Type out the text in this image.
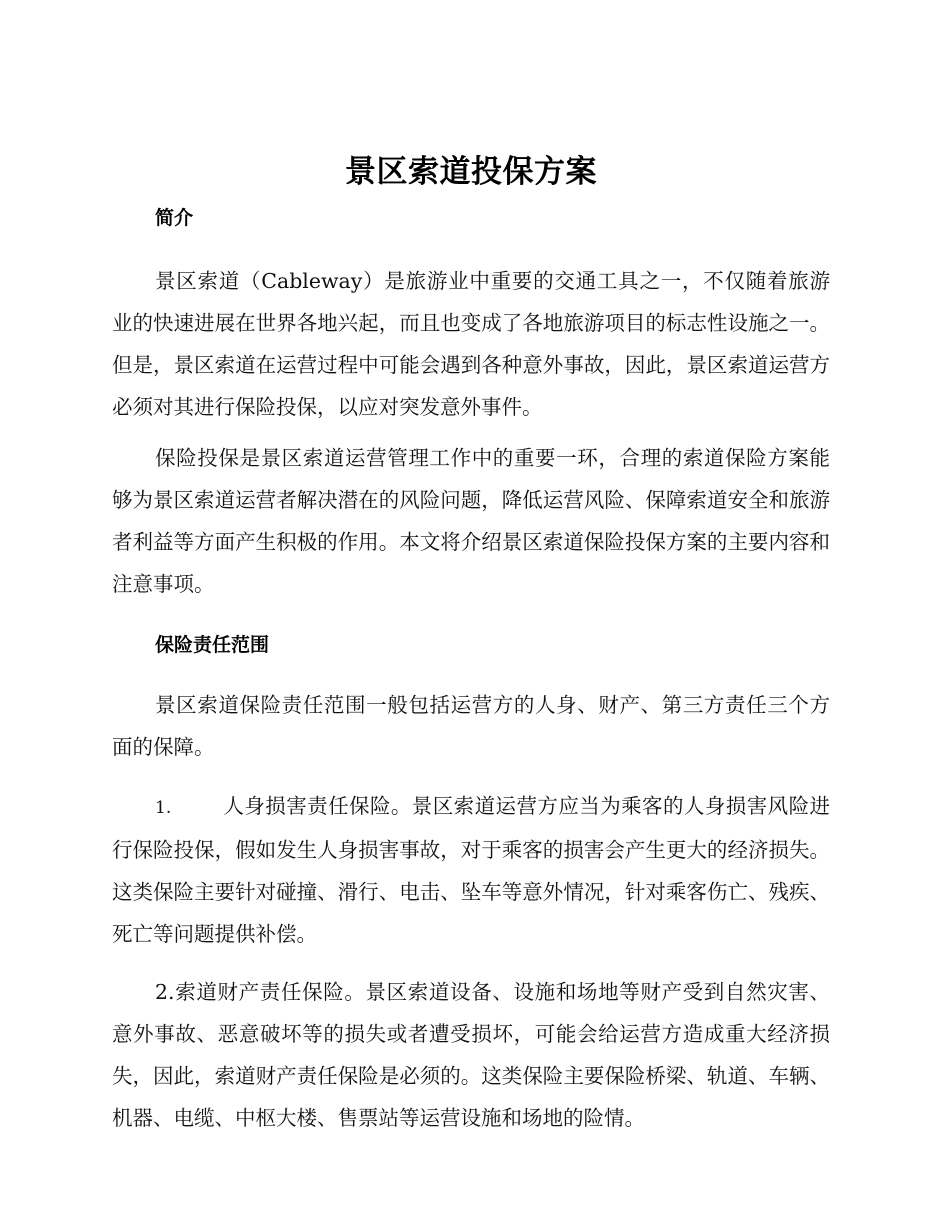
景区索道投保方案
简介

景区索道（Cableway）是旅游业中重要的交通工具之一，不仅随着旅游业的快速进展在世界各地兴起，而且也变成了各地旅游项目的标志性设施之一。但是，景区索道在运营过程中可能会遇到各种意外事故，因此，景区索道运营方必须对其进行保险投保，以应对突发意外事件。

保险投保是景区索道运营管理工作中的重要一环，合理的索道保险方案能够为景区索道运营者解决潜在的风险问题，降低运营风险、保障索道安全和旅游者利益等方面产生积极的作用。本文将介绍景区索道保险投保方案的主要内容和注意事项。

保险责任范围

景区索道保险责任范围一般包括运营方的人身、财产、第三方责任三个方面的保障。

1.	人身损害责任保险。景区索道运营方应当为乘客的人身损害风险进行保险投保，假如发生人身损害事故，对于乘客的损害会产生更大的经济损失。这类保险主要针对碰撞、滑行、电击、坠车等意外情况，针对乘客伤亡、残疾、死亡等问题提供补偿。

2.索道财产责任保险。景区索道设备、设施和场地等财产受到自然灾害、意外事故、恶意破坏等的损失或者遭受损坏，可能会给运营方造成重大经济损失，因此，索道财产责任保险是必须的。这类保险主要保险桥梁、轨道、车辆、机器、电缆、中枢大楼、售票站等运营设施和场地的险情。
